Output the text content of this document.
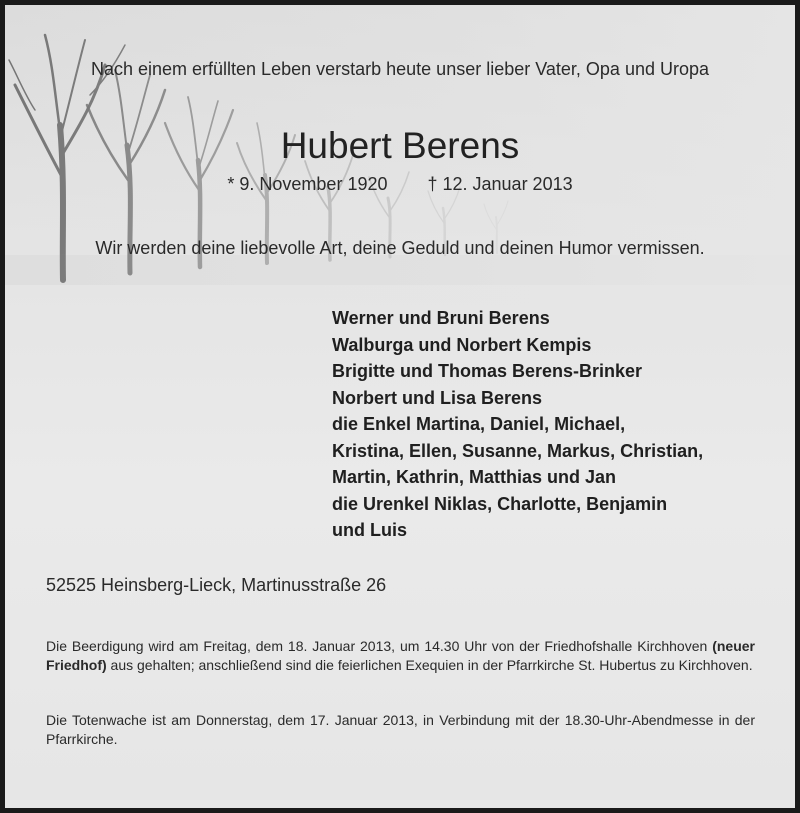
Nach einem erfüllten Leben verstarb heute unser lieber Vater, Opa und Uropa
Hubert Berens
* 9. November 1920 † 12. Januar 2013
Wir werden deine liebevolle Art, deine Geduld und deinen Humor vermissen.
Werner und Bruni Berens
Walburga und Norbert Kempis
Brigitte und Thomas Berens-Brinker
Norbert und Lisa Berens
die Enkel Martina, Daniel, Michael,
Kristina, Ellen, Susanne, Markus, Christian,
Martin, Kathrin, Matthias und Jan
die Urenkel Niklas, Charlotte, Benjamin
und Luis
52525 Heinsberg-Lieck, Martinusstraße 26
Die Beerdigung wird am Freitag, dem 18. Januar 2013, um 14.30 Uhr von der Friedhofshalle Kirchhoven (neuer Friedhof) aus gehalten; anschließend sind die feierlichen Exequien in der Pfarrkirche St. Hubertus zu Kirchhoven.
Die Totenwache ist am Donnerstag, dem 17. Januar 2013, in Verbindung mit der 18.30-Uhr-Abendmesse in der Pfarrkirche.
